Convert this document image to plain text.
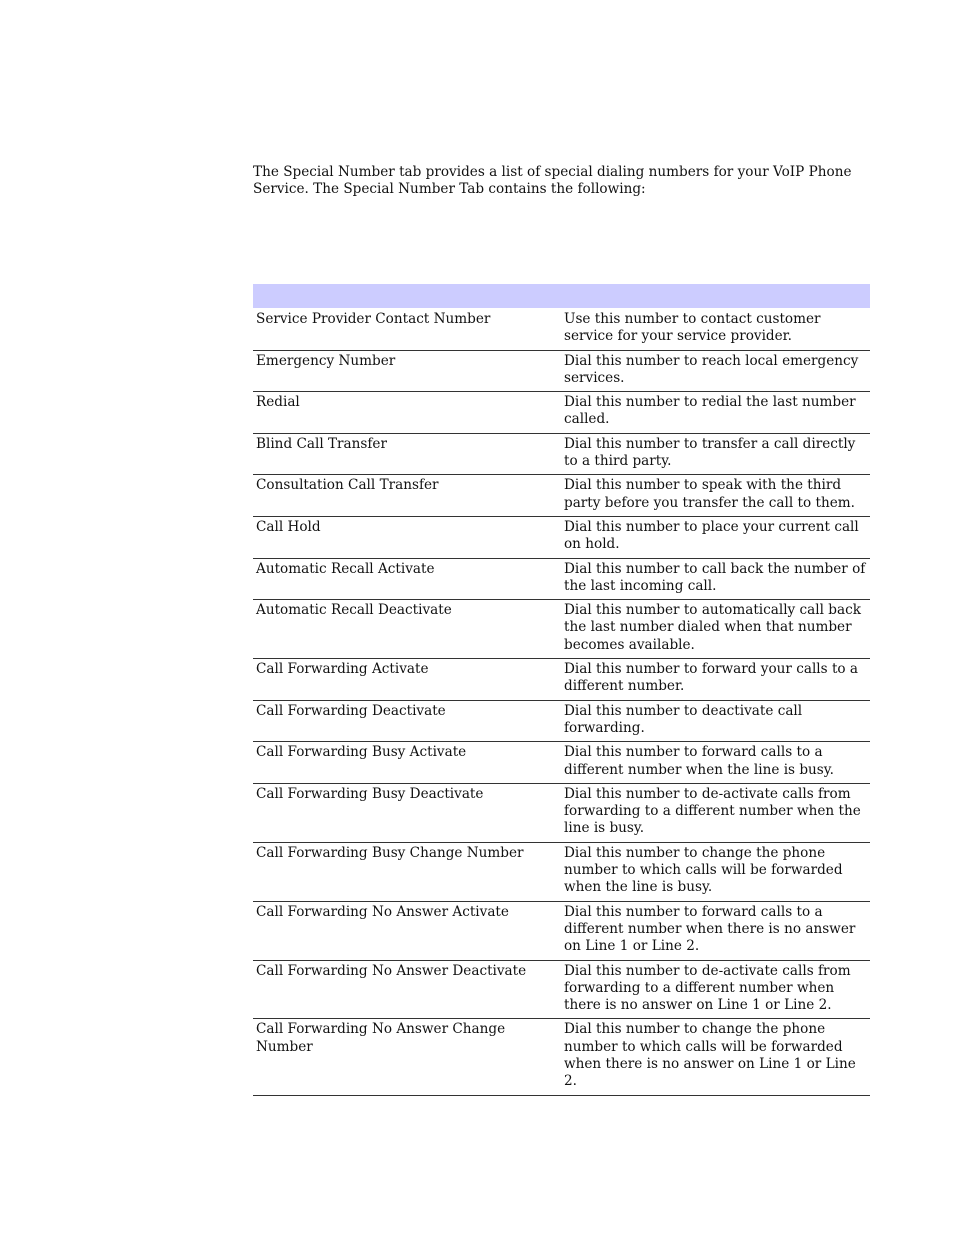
The Special Number tab provides a list of special dialing numbers for your VoIP Phone Service. The Special Number Tab contains the following:

Service Provider Contact Number	Use this number to contact customer service for your service provider.
Emergency Number	Dial this number to reach local emergency services.
Redial	Dial this number to redial the last number called.
Blind Call Transfer	Dial this number to transfer a call directly to a third party.
Consultation Call Transfer	Dial this number to speak with the third party before you transfer the call to them.
Call Hold	Dial this number to place your current call on hold.
Automatic Recall Activate	Dial this number to call back the number of the last incoming call.
Automatic Recall Deactivate	Dial this number to automatically call back the last number dialed when that number becomes available.
Call Forwarding Activate	Dial this number to forward your calls to a different number.
Call Forwarding Deactivate	Dial this number to deactivate call forwarding.
Call Forwarding Busy Activate	Dial this number to forward calls to a different number when the line is busy.
Call Forwarding Busy Deactivate	Dial this number to de-activate calls from forwarding to a different number when the line is busy.
Call Forwarding Busy Change Number	Dial this number to change the phone number to which calls will be forwarded when the line is busy.
Call Forwarding No Answer Activate	Dial this number to forward calls to a different number when there is no answer on Line 1 or Line 2.
Call Forwarding No Answer Deactivate	Dial this number to de-activate calls from forwarding to a different number when there is no answer on Line 1 or Line 2.
Call Forwarding No Answer Change Number	Dial this number to change the phone number to which calls will be forwarded when there is no answer on Line 1 or Line 2.
